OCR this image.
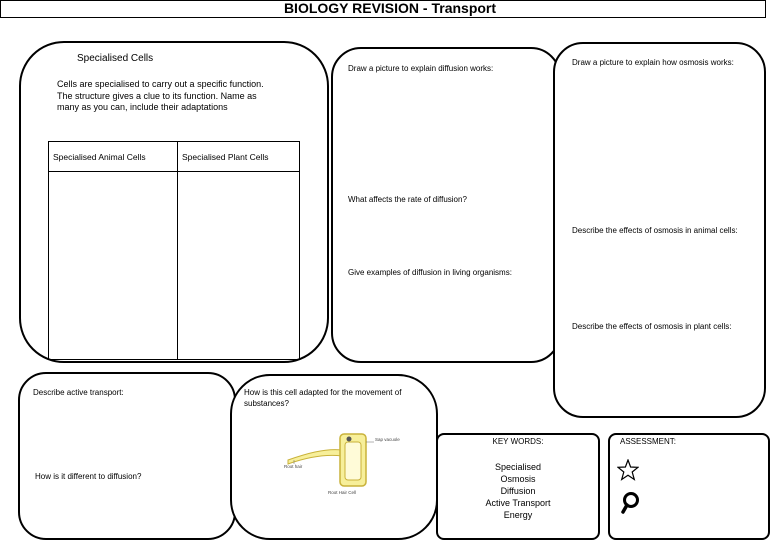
BIOLOGY REVISION - Transport
Specialised Cells
Cells are specialised to carry out a specific function. The structure gives a clue to its function. Name as many as you can, include their adaptations
Specialised Animal Cells	Specialised Plant Cells

Draw a picture to explain diffusion works:
What affects the rate of diffusion?
Give examples of diffusion in living organisms:
Draw a picture to explain how osmosis works:
Describe the effects of osmosis in animal cells:
Describe the effects of osmosis in plant cells:
Describe active transport:
How is it different to diffusion?
How is this cell adapted for the movement of substances?
Sap vacuole
Root hair
Root Hair Cell
KEY WORDS:
Specialised
Osmosis
Diffusion
Active Transport
Energy
ASSESSMENT:
